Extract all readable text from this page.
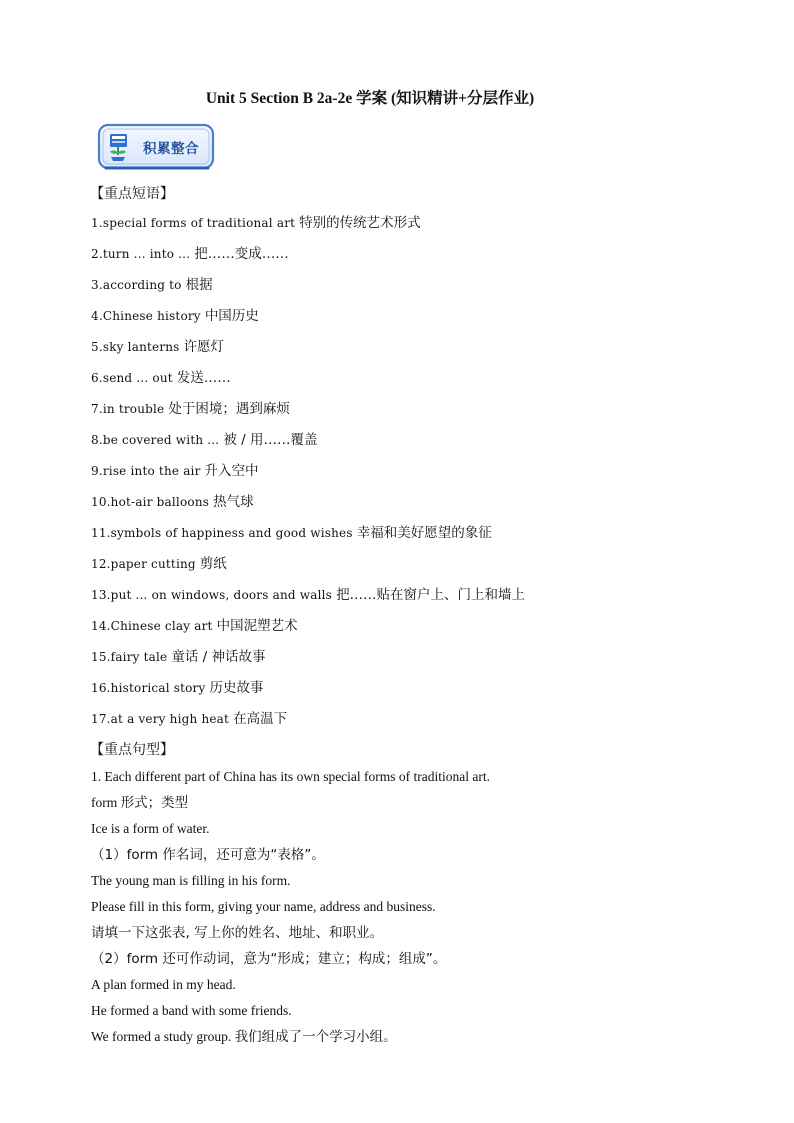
Unit 5 Section B 2a-2e 学案 (知识精讲+分层作业)
积累整合
【重点短语】
1.special forms of traditional art 特别的传统艺术形式
2.turn ... into ... 把……变成……
3.according to 根据
4.Chinese history 中国历史
5.sky lanterns 许愿灯
6.send ... out 发送……
7.in trouble 处于困境；遇到麻烦
8.be covered with ... 被 / 用……覆盖
9.rise into the air 升入空中
10.hot-air balloons 热气球
11.symbols of happiness and good wishes 幸福和美好愿望的象征
12.paper cutting 剪纸
13.put ... on windows, doors and walls 把……贴在窗户上、门上和墙上
14.Chinese clay art 中国泥塑艺术
15.fairy tale 童话 / 神话故事
16.historical story 历史故事
17.at a very high heat 在高温下
【重点句型】
1. Each different part of China has its own special forms of traditional art.
form 形式；类型
Ice is a form of water.
（1）form 作名词，还可意为“表格”。
The young man is filling in his form.
Please fill in this form, giving your name, address and business.
请填一下这张表, 写上你的姓名、地址、和职业。
（2）form 还可作动词，意为“形成；建立；构成；组成”。
A plan formed in my head.
He formed a band with some friends.
We formed a study group. 我们组成了一个学习小组。
